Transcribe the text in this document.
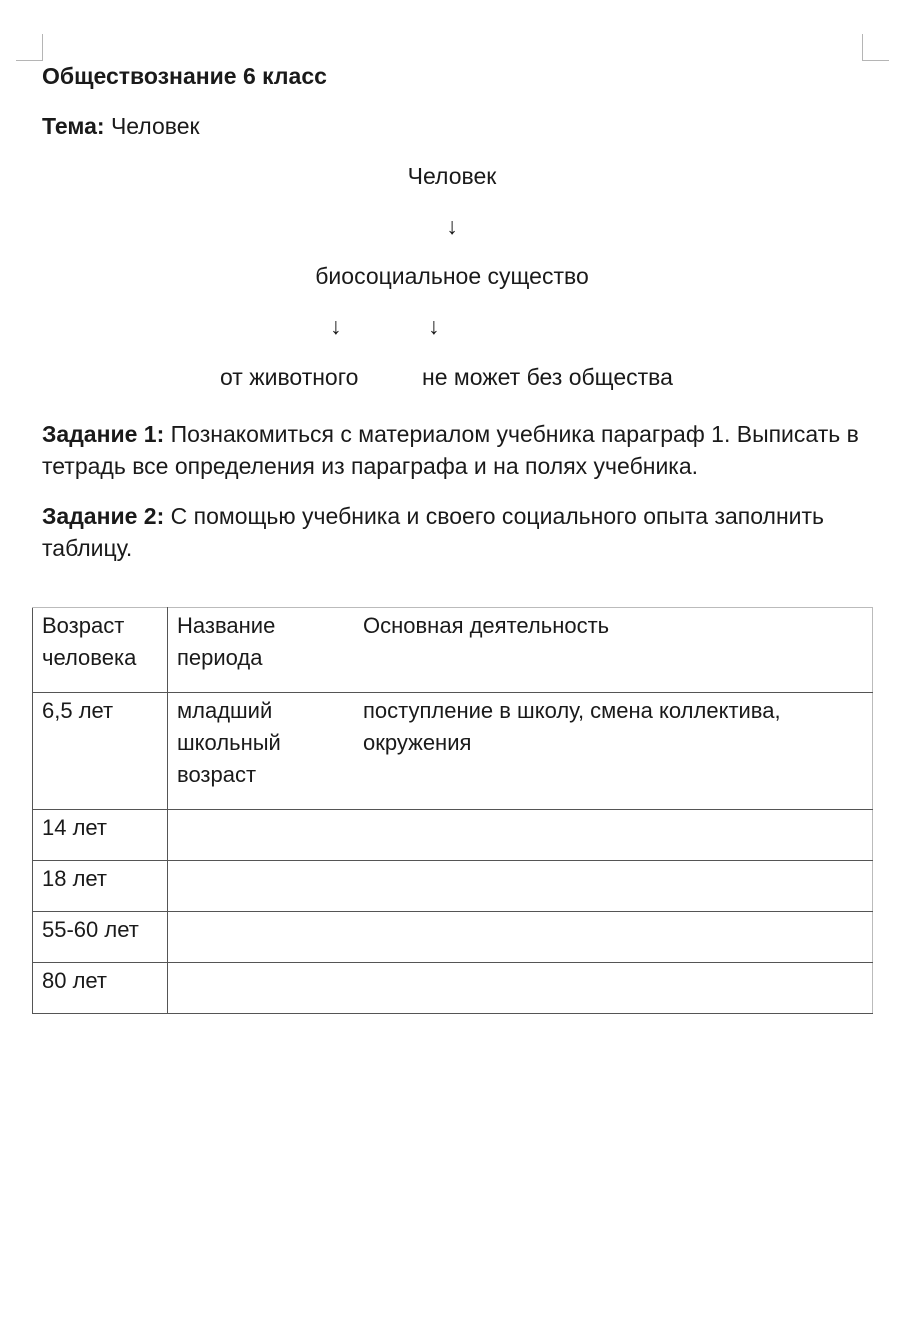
Обществознание 6 класс
Тема: Человек
Человек
↓
биосоциальное существо
↓	↓
от животного	не может без общества
Задание 1: Познакомиться с материалом учебника параграф 1. Выписать в тетрадь все определения из параграфа и на полях учебника.
Задание 2: С помощью учебника и своего социального опыта заполнить таблицу.
Возраст человека	Название периода	Основная деятельность
6,5 лет	младший школьный возраст	поступление в школу, смена коллектива, окружения
14 лет		
18 лет		
55-60 лет		
80 лет		
